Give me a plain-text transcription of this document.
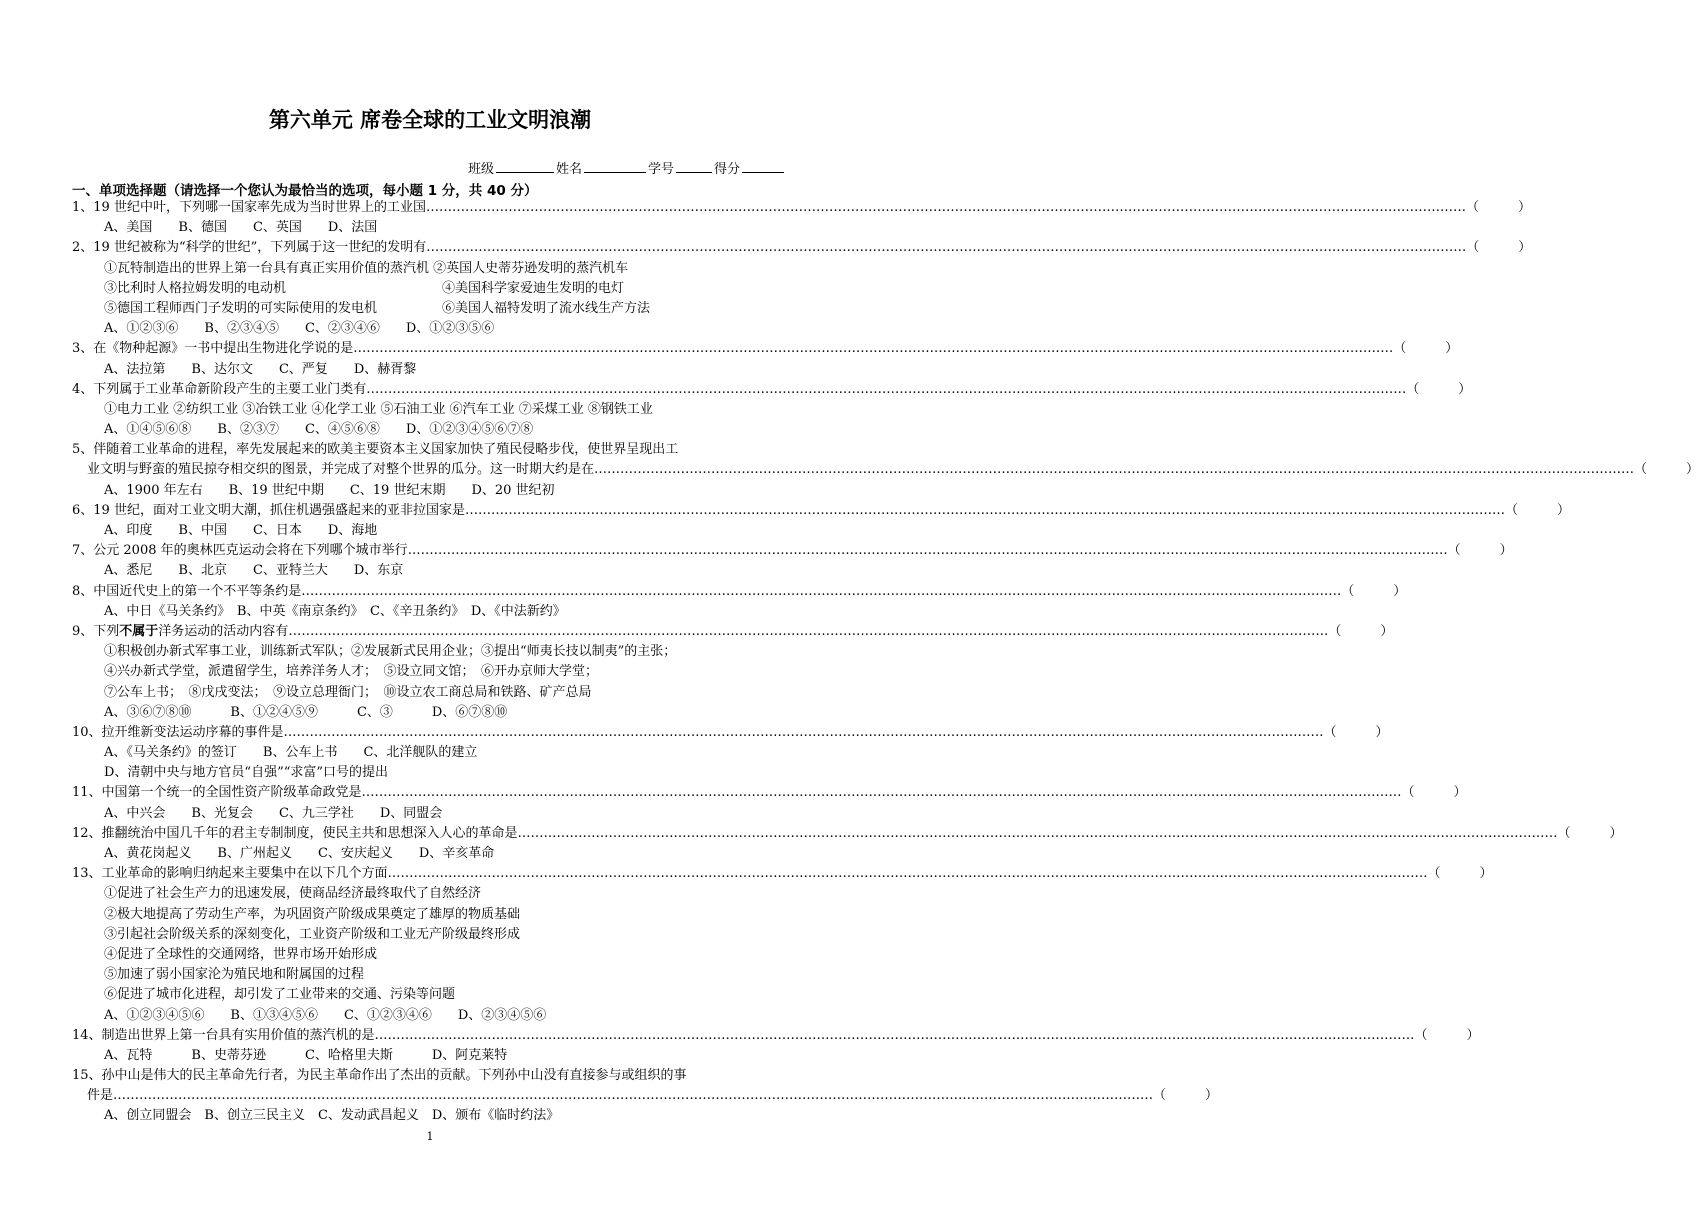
第六单元 席卷全球的工业文明浪潮
班级	姓名	学号	得分
一、单项选择题（请选择一个您认为最恰当的选项，每小题 1 分，共 40 分）
1、19 世纪中叶，下列哪一国家率先成为当时世界上的工业国 …………………………………………………………………………………………………………………………………………………………………………………………………………………… （　　　）
A、美国　　B、德国　　C、英国　　D、法国
2、19 世纪被称为“科学的世纪”，下列属于这一世纪的发明有 …………………………………………………………………………………………………………………………………………………………………………………………………………………… （　　　）
①瓦特制造出的世界上第一台具有真正实用价值的蒸汽机 ②英国人史蒂芬逊发明的蒸汽机车
③比利时人格拉姆发明的电动机　　　　　　　　　　　　④美国科学家爱迪生发明的电灯
⑤德国工程师西门子发明的可实际使用的发电机　　　　　⑥美国人福特发明了流水线生产方法
A、①②③⑥　　B、②③④⑤　　C、②③④⑥　　D、①②③⑤⑥
3、在《物种起源》一书中提出生物进化学说的是 …………………………………………………………………………………………………………………………………………………………………………………………………………………… （　　　）
A、法拉第　　B、达尔文　　C、严复　　D、赫胥黎
4、下列属于工业革命新阶段产生的主要工业门类有 …………………………………………………………………………………………………………………………………………………………………………………………………………………… （　　　）
①电力工业 ②纺织工业 ③冶铁工业 ④化学工业 ⑤石油工业 ⑥汽车工业 ⑦采煤工业 ⑧钢铁工业
A、①④⑤⑥⑧　　B、②③⑦　　C、④⑤⑥⑧　　D、①②③④⑤⑥⑦⑧
5、伴随着工业革命的进程，率先发展起来的欧美主要资本主义国家加快了殖民侵略步伐，使世界呈现出工
业文明与野蛮的殖民掠夺相交织的图景，并完成了对整个世界的瓜分。这一时期大约是在 …………………………………………………………………………………………………………………………………………………………………………………………………………………… （　　　）
A、1900 年左右　　B、19 世纪中期　　C、19 世纪末期　　D、20 世纪初
6、19 世纪，面对工业文明大潮，抓住机遇强盛起来的亚非拉国家是 …………………………………………………………………………………………………………………………………………………………………………………………………………………… （　　　）
A、印度　　B、中国　　C、日本　　D、海地
7、公元 2008 年的奥林匹克运动会将在下列哪个城市举行 …………………………………………………………………………………………………………………………………………………………………………………………………………………… （　　　）
A、悉尼　　B、北京　　C、亚特兰大　　D、东京
8、中国近代史上的第一个不平等条约是 …………………………………………………………………………………………………………………………………………………………………………………………………………………… （　　　）
A、中日《马关条约》　B、中英《南京条约》　C、《辛丑条约》　D、《中法新约》
9、下列不属于洋务运动的活动内容有 …………………………………………………………………………………………………………………………………………………………………………………………………………………… （　　　）
①积极创办新式军事工业，训练新式军队；②发展新式民用企业；③提出“师夷长技以制夷”的主张；
④兴办新式学堂，派遣留学生，培养洋务人才；　⑤设立同文馆；　⑥开办京师大学堂；
⑦公车上书；　⑧戊戌变法；　⑨设立总理衙门；　⑩设立农工商总局和铁路、矿产总局
A、③⑥⑦⑧⑩　　　B、①②④⑤⑨　　　C、③　　　D、⑥⑦⑧⑩
10、拉开维新变法运动序幕的事件是 …………………………………………………………………………………………………………………………………………………………………………………………………………………… （　　　）
A、《马关条约》的签订　　B、公车上书　　C、北洋舰队的建立
D、清朝中央与地方官员“自强”“求富”口号的提出
11、中国第一个统一的全国性资产阶级革命政党是 …………………………………………………………………………………………………………………………………………………………………………………………………………………… （　　　）
A、中兴会　　B、光复会　　C、九三学社　　D、同盟会
12、推翻统治中国几千年的君主专制制度，使民主共和思想深入人心的革命是 …………………………………………………………………………………………………………………………………………………………………………………………………………………… （　　　）
A、黄花岗起义　　B、广州起义　　C、安庆起义　　D、辛亥革命
13、工业革命的影响归纳起来主要集中在以下几个方面 …………………………………………………………………………………………………………………………………………………………………………………………………………………… （　　　）
①促进了社会生产力的迅速发展，使商品经济最终取代了自然经济
②极大地提高了劳动生产率，为巩固资产阶级成果奠定了雄厚的物质基础
③引起社会阶级关系的深刻变化，工业资产阶级和工业无产阶级最终形成
④促进了全球性的交通网络，世界市场开始形成
⑤加速了弱小国家沦为殖民地和附属国的过程
⑥促进了城市化进程，却引发了工业带来的交通、污染等问题
A、①②③④⑤⑥　　B、①③④⑤⑥　　C、①②③④⑥　　D、②③④⑤⑥
14、制造出世界上第一台具有实用价值的蒸汽机的是 …………………………………………………………………………………………………………………………………………………………………………………………………………………… （　　　）
A、瓦特　　　B、史蒂芬逊　　　C、哈格里夫斯　　　D、阿克莱特
15、孙中山是伟大的民主革命先行者，为民主革命作出了杰出的贡献。下列孙中山没有直接参与或组织的事
件是 …………………………………………………………………………………………………………………………………………………………………………………………………………………… （　　　）
A、创立同盟会　B、创立三民主义　C、发动武昌起义　D、颁布《临时约法》
1
